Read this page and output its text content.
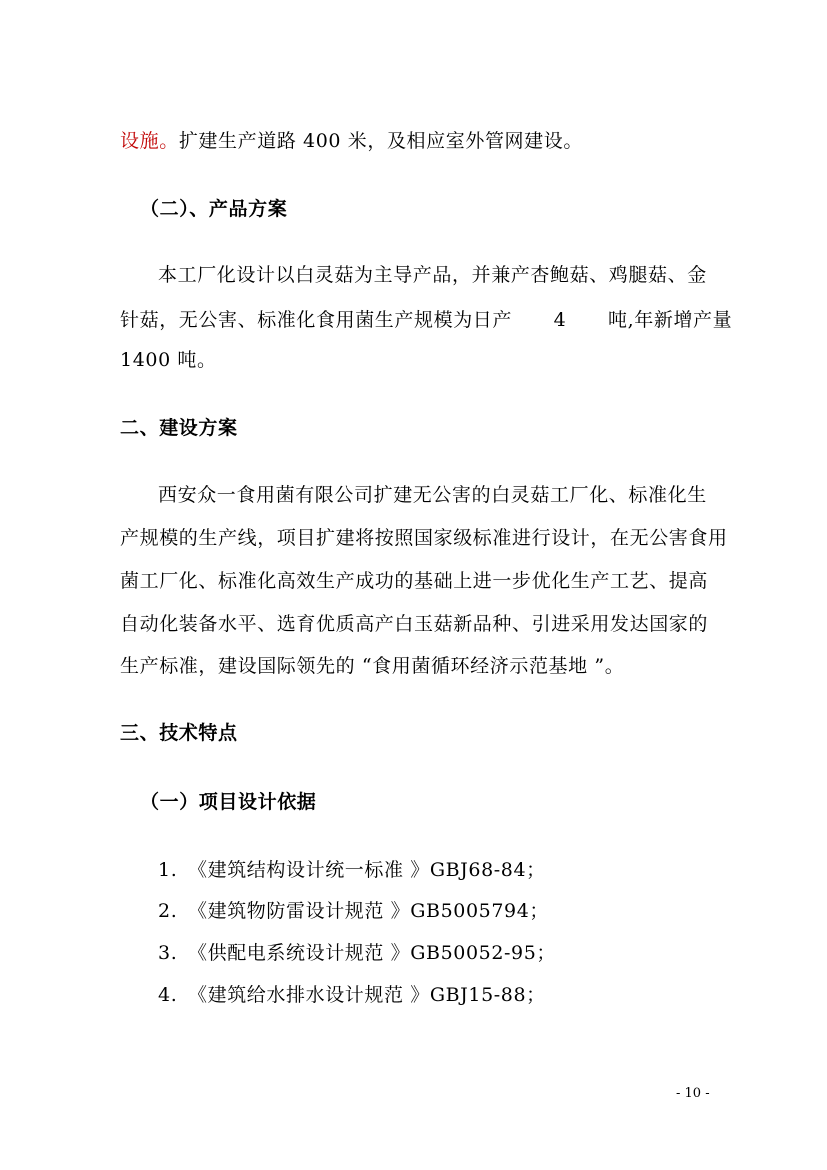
设施。扩建生产道路 400 米，及相应室外管网建设。
（二）、产品方案
本工厂化设计以白灵菇为主导产品，并兼产杏鲍菇、鸡腿菇、金
针菇，无公害、标准化食用菌生产规模为日产 4 吨,年新增产量
1400 吨。
二、建设方案
西安众一食用菌有限公司扩建无公害的白灵菇工厂化、标准化生
产规模的生产线，项目扩建将按照国家级标准进行设计，在无公害食用
菌工厂化、标准化高效生产成功的基础上进一步优化生产工艺、提高
自动化装备水平、选育优质高产白玉菇新品种、引进采用发达国家的
生产标准，建设国际领先的 “食用菌循环经济示范基地 ”。
三、技术特点
（一）项目设计依据
1. 《建筑结构设计统一标准 》GBJ68-84；
2. 《建筑物防雷设计规范 》GB5005794；
3. 《供配电系统设计规范 》GB50052-95；
4. 《建筑给水排水设计规范 》GBJ15-88；
- 10 -
